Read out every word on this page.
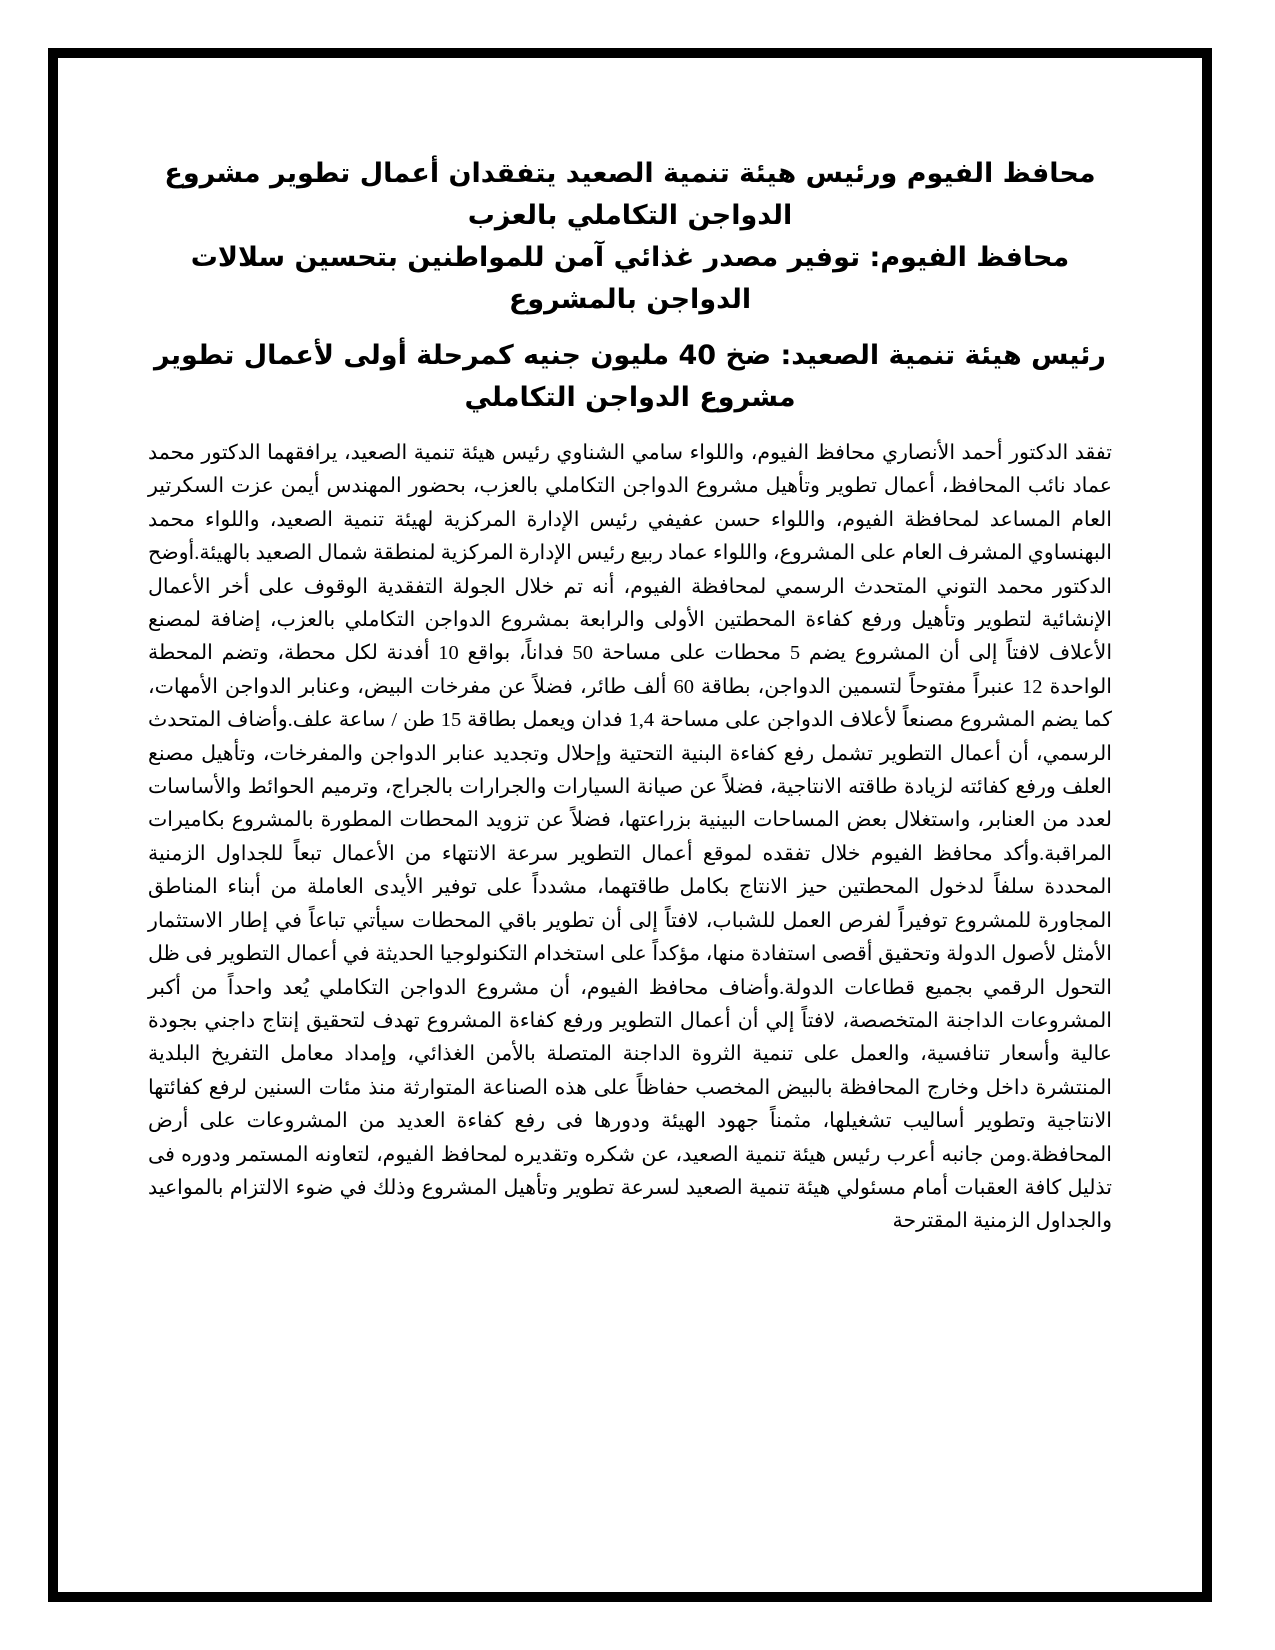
محافظ الفيوم ورئيس هيئة تنمية الصعيد يتفقدان أعمال تطوير مشروع الدواجن التكاملي بالعزب
محافظ الفيوم: توفير مصدر غذائي آمن للمواطنين بتحسين سلالات الدواجن بالمشروع
رئيس هيئة تنمية الصعيد: ضخ 40 مليون جنيه كمرحلة أولى لأعمال تطوير مشروع الدواجن التكاملي

تفقد الدكتور أحمد الأنصاري محافظ الفيوم، واللواء سامي الشناوي رئيس هيئة تنمية الصعيد، يرافقهما الدكتور محمد عماد نائب المحافظ، أعمال تطوير وتأهيل مشروع الدواجن التكاملي بالعزب، بحضور المهندس أيمن عزت السكرتير العام المساعد لمحافظة الفيوم، واللواء حسن عفيفي رئيس الإدارة المركزية لهيئة تنمية الصعيد، واللواء محمد البهنساوي المشرف العام على المشروع، واللواء عماد ربيع رئيس الإدارة المركزية لمنطقة شمال الصعيد بالهيئة.أوضح الدكتور محمد التوني المتحدث الرسمي لمحافظة الفيوم، أنه تم خلال الجولة التفقدية الوقوف على أخر الأعمال الإنشائية لتطوير وتأهيل ورفع كفاءة المحطتين الأولى والرابعة بمشروع الدواجن التكاملي بالعزب، إضافة لمصنع الأعلاف لافتاً إلى أن المشروع يضم 5 محطات على مساحة 50 فداناً، بواقع 10 أفدنة لكل محطة، وتضم المحطة الواحدة 12 عنبراً مفتوحاً لتسمين الدواجن، بطاقة 60 ألف طائر، فضلاً عن مفرخات البيض، وعنابر الدواجن الأمهات، كما يضم المشروع مصنعاً لأعلاف الدواجن على مساحة 1,4 فدان ويعمل بطاقة 15 طن / ساعة علف.وأضاف المتحدث الرسمي، أن أعمال التطوير تشمل رفع كفاءة البنية التحتية وإحلال وتجديد عنابر الدواجن والمفرخات، وتأهيل مصنع العلف ورفع كفائته لزيادة طاقته الانتاجية، فضلاً عن صيانة السيارات والجرارات بالجراج، وترميم الحوائط والأساسات لعدد من العنابر، واستغلال بعض المساحات البينية بزراعتها، فضلاً عن تزويد المحطات المطورة بالمشروع بكاميرات المراقبة.وأكد محافظ الفيوم خلال تفقده لموقع أعمال التطوير سرعة الانتهاء من الأعمال تبعاً للجداول الزمنية المحددة سلفاً لدخول المحطتين حيز الانتاج بكامل طاقتهما، مشدداً على توفير الأيدى العاملة من أبناء المناطق المجاورة للمشروع توفيراً لفرص العمل للشباب، لافتاً إلى أن تطوير باقي المحطات سيأتي تباعاً في إطار الاستثمار الأمثل لأصول الدولة وتحقيق أقصى استفادة منها، مؤكداً على استخدام التكنولوجيا الحديثة في أعمال التطوير فى ظل التحول الرقمي بجميع قطاعات الدولة.وأضاف محافظ الفيوم، أن مشروع الدواجن التكاملي يُعد واحداً من أكبر المشروعات الداجنة المتخصصة، لافتاً إلي أن أعمال التطوير ورفع كفاءة المشروع تهدف لتحقيق إنتاج داجني بجودة عالية وأسعار تنافسية، والعمل على تنمية الثروة الداجنة المتصلة بالأمن الغذائي، وإمداد معامل التفريخ البلدية المنتشرة داخل وخارج المحافظة بالبيض المخصب حفاظاً على هذه الصناعة المتوارثة منذ مئات السنين لرفع كفائتها الانتاجية وتطوير أساليب تشغيلها، مثمناً جهود الهيئة ودورها فى رفع كفاءة العديد من المشروعات على أرض المحافظة.ومن جانبه أعرب رئيس هيئة تنمية الصعيد، عن شكره وتقديره لمحافظ الفيوم، لتعاونه المستمر ودوره فى تذليل كافة العقبات أمام مسئولي هيئة تنمية الصعيد لسرعة تطوير وتأهيل المشروع وذلك في ضوء الالتزام بالمواعيد والجداول الزمنية المقترحة
